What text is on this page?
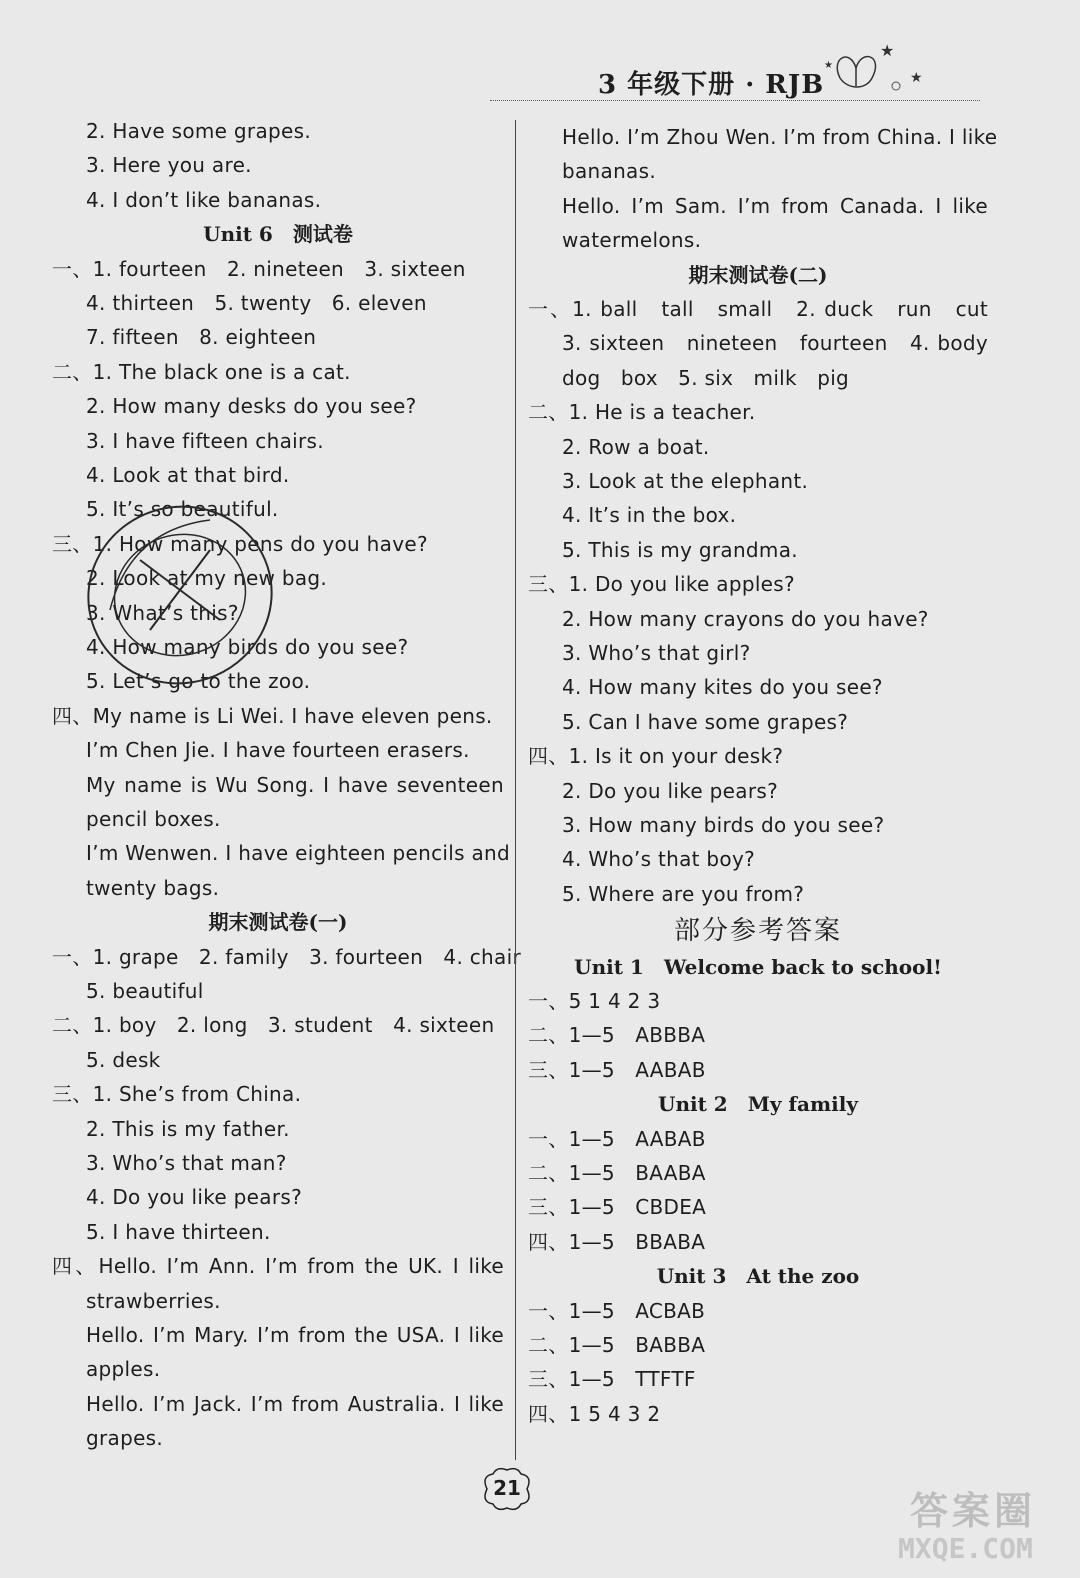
3 年级下册 · RJB
★
★
★
2. Have some grapes.
3. Here you are.
4. I don’t like bananas.
Unit 6　测试卷
一、1. fourteen　2. nineteen　3. sixteen
4. thirteen　5. twenty　6. eleven
7. fifteen　8. eighteen
二、1. The black one is a cat.
2. How many desks do you see?
3. I have fifteen chairs.
4. Look at that bird.
5. It’s so beautiful.
三、1. How many pens do you have?
2. Look at my new bag.
3. What’s this?
4. How many birds do you see?
5. Let’s go to the zoo.
四、My name is Li Wei. I have eleven pens.
I’m Chen Jie. I have fourteen erasers.
My name is Wu Song. I have seventeen
pencil boxes.
I’m Wenwen. I have eighteen pencils and
twenty bags.
期末测试卷(一)
一、1. grape　2. family　3. fourteen　4. chair
5. beautiful
二、1. boy　2. long　3. student　4. sixteen
5. desk
三、1. She’s from China.
2. This is my father.
3. Who’s that man?
4. Do you like pears?
5. I have thirteen.
四、Hello. I’m Ann. I’m from the UK. I like
strawberries.
Hello. I’m Mary. I’m from the USA. I like
apples.
Hello. I’m Jack. I’m from Australia. I like
grapes.
Hello. I’m Zhou Wen. I’m from China. I like
bananas.
Hello. I’m Sam. I’m from Canada. I like
watermelons.
期末测试卷(二)
一、1. ball　tall　small　2. duck　run　cut
3. sixteen　nineteen　fourteen　4. body
dog　box　5. six　milk　pig
二、1. He is a teacher.
2. Row a boat.
3. Look at the elephant.
4. It’s in the box.
5. This is my grandma.
三、1. Do you like apples?
2. How many crayons do you have?
3. Who’s that girl?
4. How many kites do you see?
5. Can I have some grapes?
四、1. Is it on your desk?
2. Do you like pears?
3. How many birds do you see?
4. Who’s that boy?
5. Where are you from?
部分参考答案
Unit 1　Welcome back to school!
一、5 1 4 2 3
二、1—5　ABBBA
三、1—5　AABAB
Unit 2　My family
一、1—5　AABAB
二、1—5　BAABA
三、1—5　CBDEA
四、1—5　BBABA
Unit 3　At the zoo
一、1—5　ACBAB
二、1—5　BABBA
三、1—5　TTFTF
四、1 5 4 3 2
21
答案圈
MXQE.COM
